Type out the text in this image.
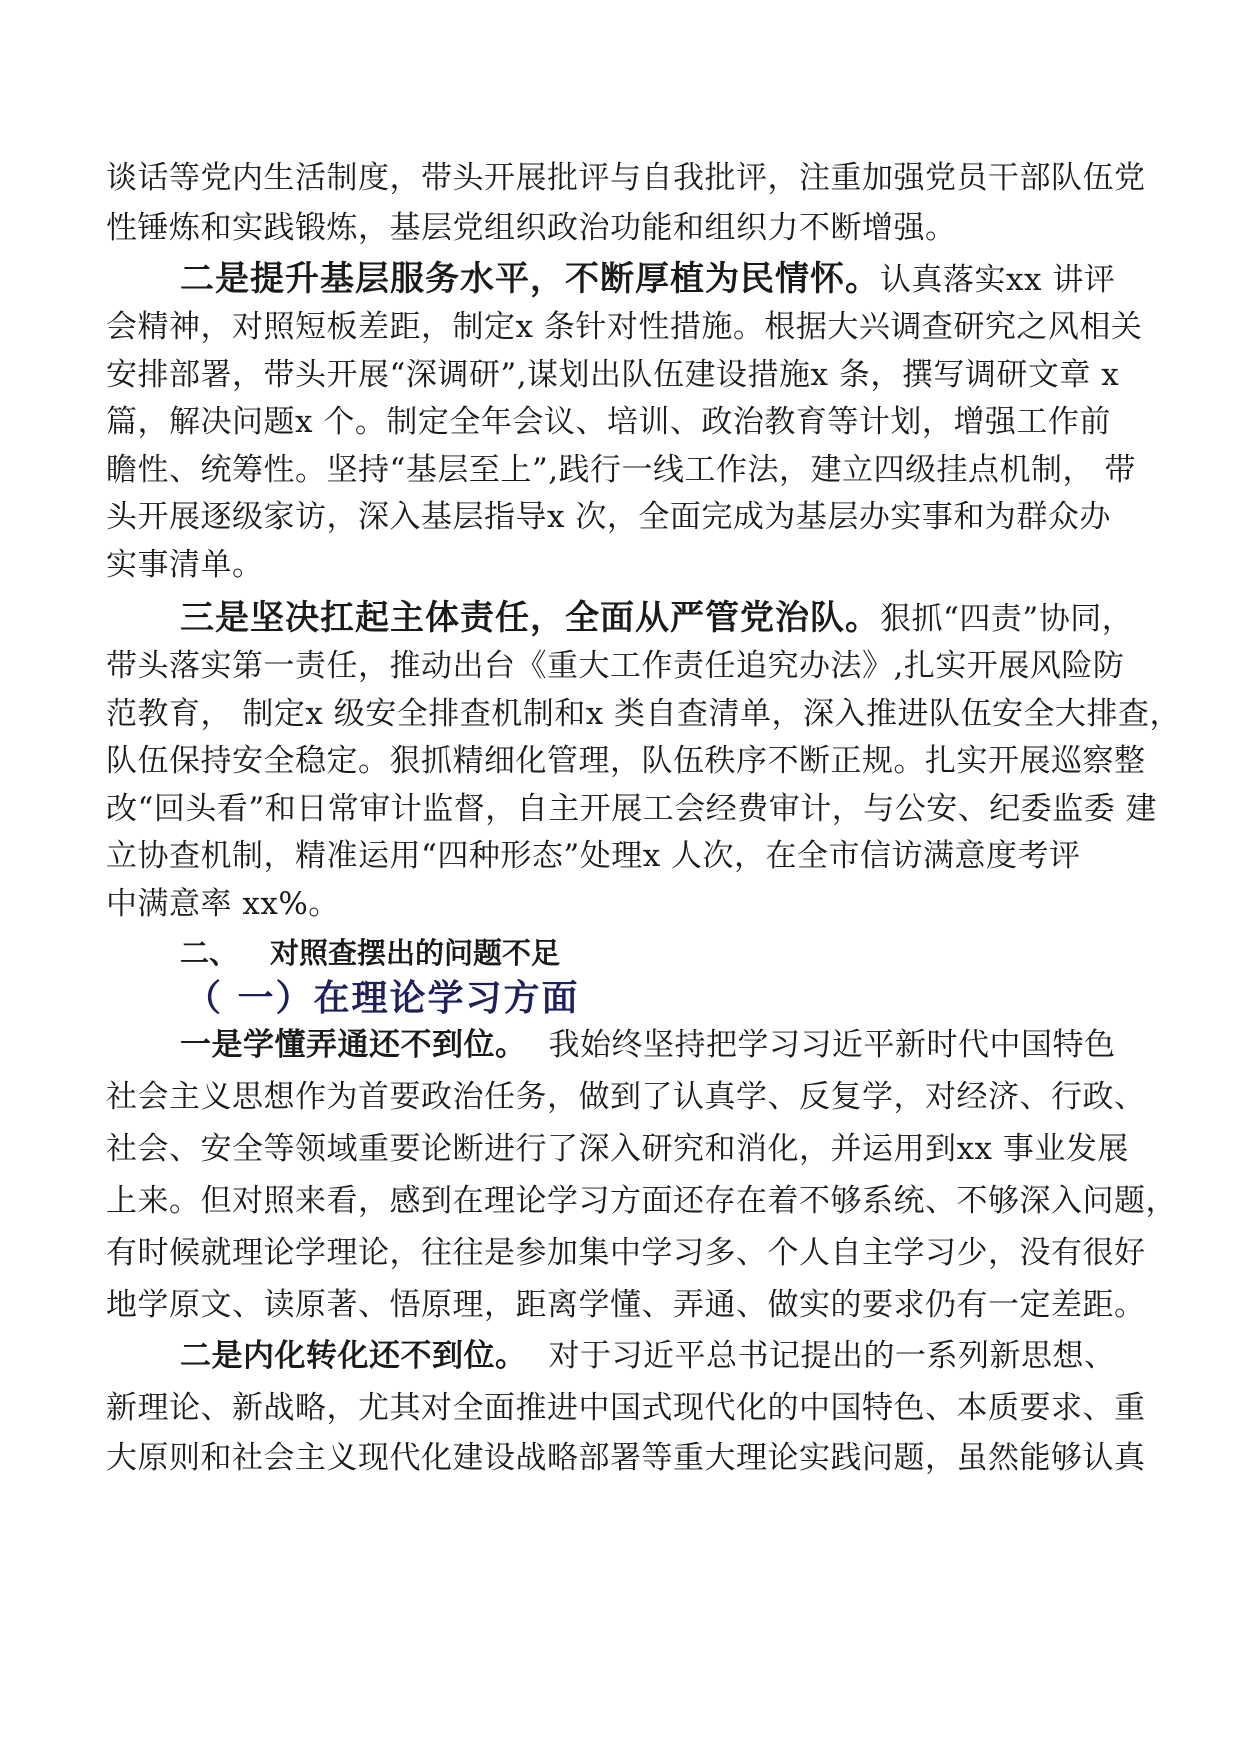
谈话等党内生活制度，带头开展批评与自我批评，注重加强党员干部队伍党
性锤炼和实践锻炼，基层党组织政治功能和组织力不断增强。
二是提升基层服务水平，不断厚植为民情怀。认真落实xx 讲评
会精神，对照短板差距，制定x 条针对性措施。根据大兴调查研究之风相关
安排部署，带头开展“深调研”,谋划出队伍建设措施x 条，撰写调研文章 x
篇，解决问题x 个。制定全年会议、培训、政治教育等计划，增强工作前
瞻性、统筹性。坚持“基层至上”,践行一线工作法，建立四级挂点机制， 带
头开展逐级家访，深入基层指导x 次，全面完成为基层办实事和为群众办
实事清单。
三是坚决扛起主体责任，全面从严管党治队。狠抓“四责”协同，
带头落实第一责任，推动出台《重大工作责任追究办法》,扎实开展风险防
范教育， 制定x 级安全排查机制和x 类自查清单，深入推进队伍安全大排查，
队伍保持安全稳定。狠抓精细化管理，队伍秩序不断正规。扎实开展巡察整
改“回头看”和日常审计监督，自主开展工会经费审计，与公安、纪委监委 建
立协查机制，精准运用“四种形态”处理x 人次，在全市信访满意度考评
中满意率 xx%。
二、 对照查摆出的问题不足
（ 一）在理论学习方面
一是学懂弄通还不到位。 我始终坚持把学习习近平新时代中国特色
社会主义思想作为首要政治任务，做到了认真学、反复学，对经济、行政、
社会、安全等领域重要论断进行了深入研究和消化，并运用到xx 事业发展
上来。但对照来看，感到在理论学习方面还存在着不够系统、不够深入问题，
有时候就理论学理论，往往是参加集中学习多、个人自主学习少，没有很好
地学原文、读原著、悟原理，距离学懂、弄通、做实的要求仍有一定差距。
二是内化转化还不到位。 对于习近平总书记提出的一系列新思想、
新理论、新战略，尤其对全面推进中国式现代化的中国特色、本质要求、重
大原则和社会主义现代化建设战略部署等重大理论实践问题，虽然能够认真
